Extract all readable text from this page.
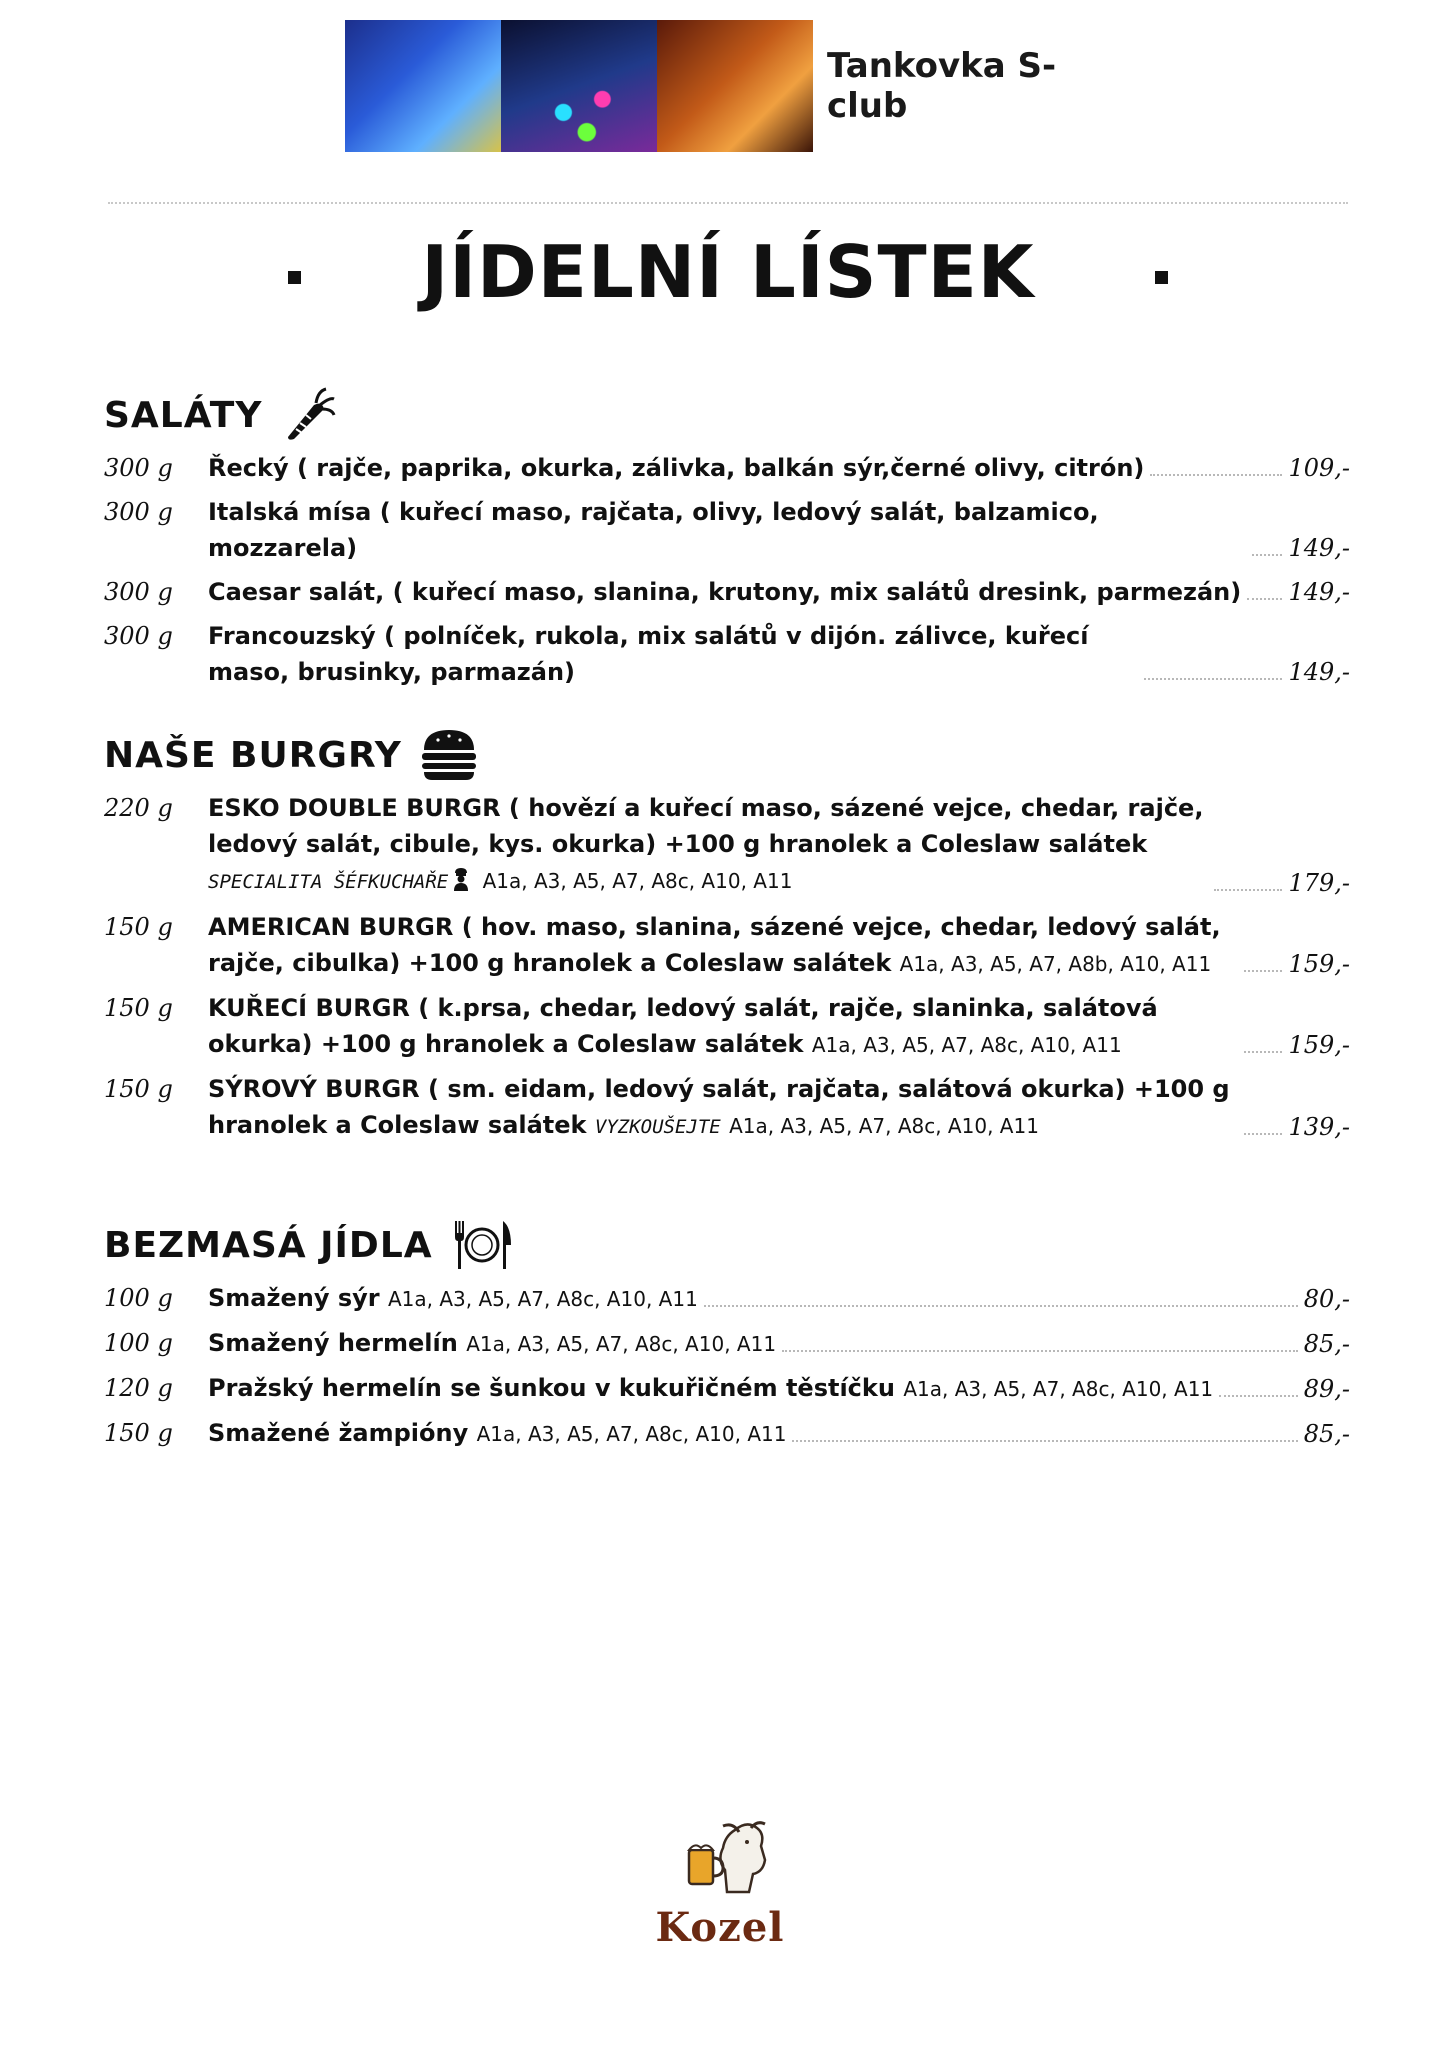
Tankovka S-club
JÍDELNÍ LÍSTEK
SALÁTY
300 g	Řecký ( rajče, paprika, okurka, zálivka, balkán sýr,černé olivy, citrón)	109,-
300 g	Italská mísa ( kuřecí maso, rajčata, olivy, ledový salát, balzamico, mozzarela)	149,-
300 g	Caesar salát, ( kuřecí maso, slanina, krutony, mix salátů dresink, parmezán) 149,-
300 g	Francouzský ( polníček, rukola, mix salátů v dijón. zálivce, kuřecí maso, brusinky, parmazán)	149,-
NAŠE BURGRY
220 g	ESKO DOUBLE BURGR ( hovězí a kuřecí maso, sázené vejce, chedar, rajče, ledový salát, cibule, kys. okurka) +100 g hranolek a Coleslaw salátek
SPECIALITA ŠÉFKUCHAŘE A1a, A3, A5, A7, A8c, A10, A11	179,-
150 g	AMERICAN BURGR ( hov. maso, slanina, sázené vejce, chedar, ledový salát, rajče, cibulka) +100 g hranolek a Coleslaw salátek A1a, A3, A5, A7, A8b, A10, A11	159,-
150 g	KUŘECÍ BURGR ( k.prsa, chedar, ledový salát, rajče, slaninka, salátová okurka) +100 g hranolek a Coleslaw salátek A1a, A3, A5, A7, A8c, A10, A11	159,-
150 g	SÝROVÝ BURGR ( sm. eidam, ledový salát, rajčata, salátová okurka) +100 g hranolek a Coleslaw salátek VYZKOUŠEJTE A1a, A3, A5, A7, A8c, A10, A11	139,-
BEZMASÁ JÍDLA
100 g	Smažený sýr A1a, A3, A5, A7, A8c, A10, A11	80,-
100 g	Smažený hermelín A1a, A3, A5, A7, A8c, A10, A11	85,-
120 g	Pražský hermelín se šunkou v kukuřičném těstíčku A1a, A3, A5, A7, A8c, A10, A11	89,-
150 g	Smažené žampióny A1a, A3, A5, A7, A8c, A10, A11	85,-
Kozel
